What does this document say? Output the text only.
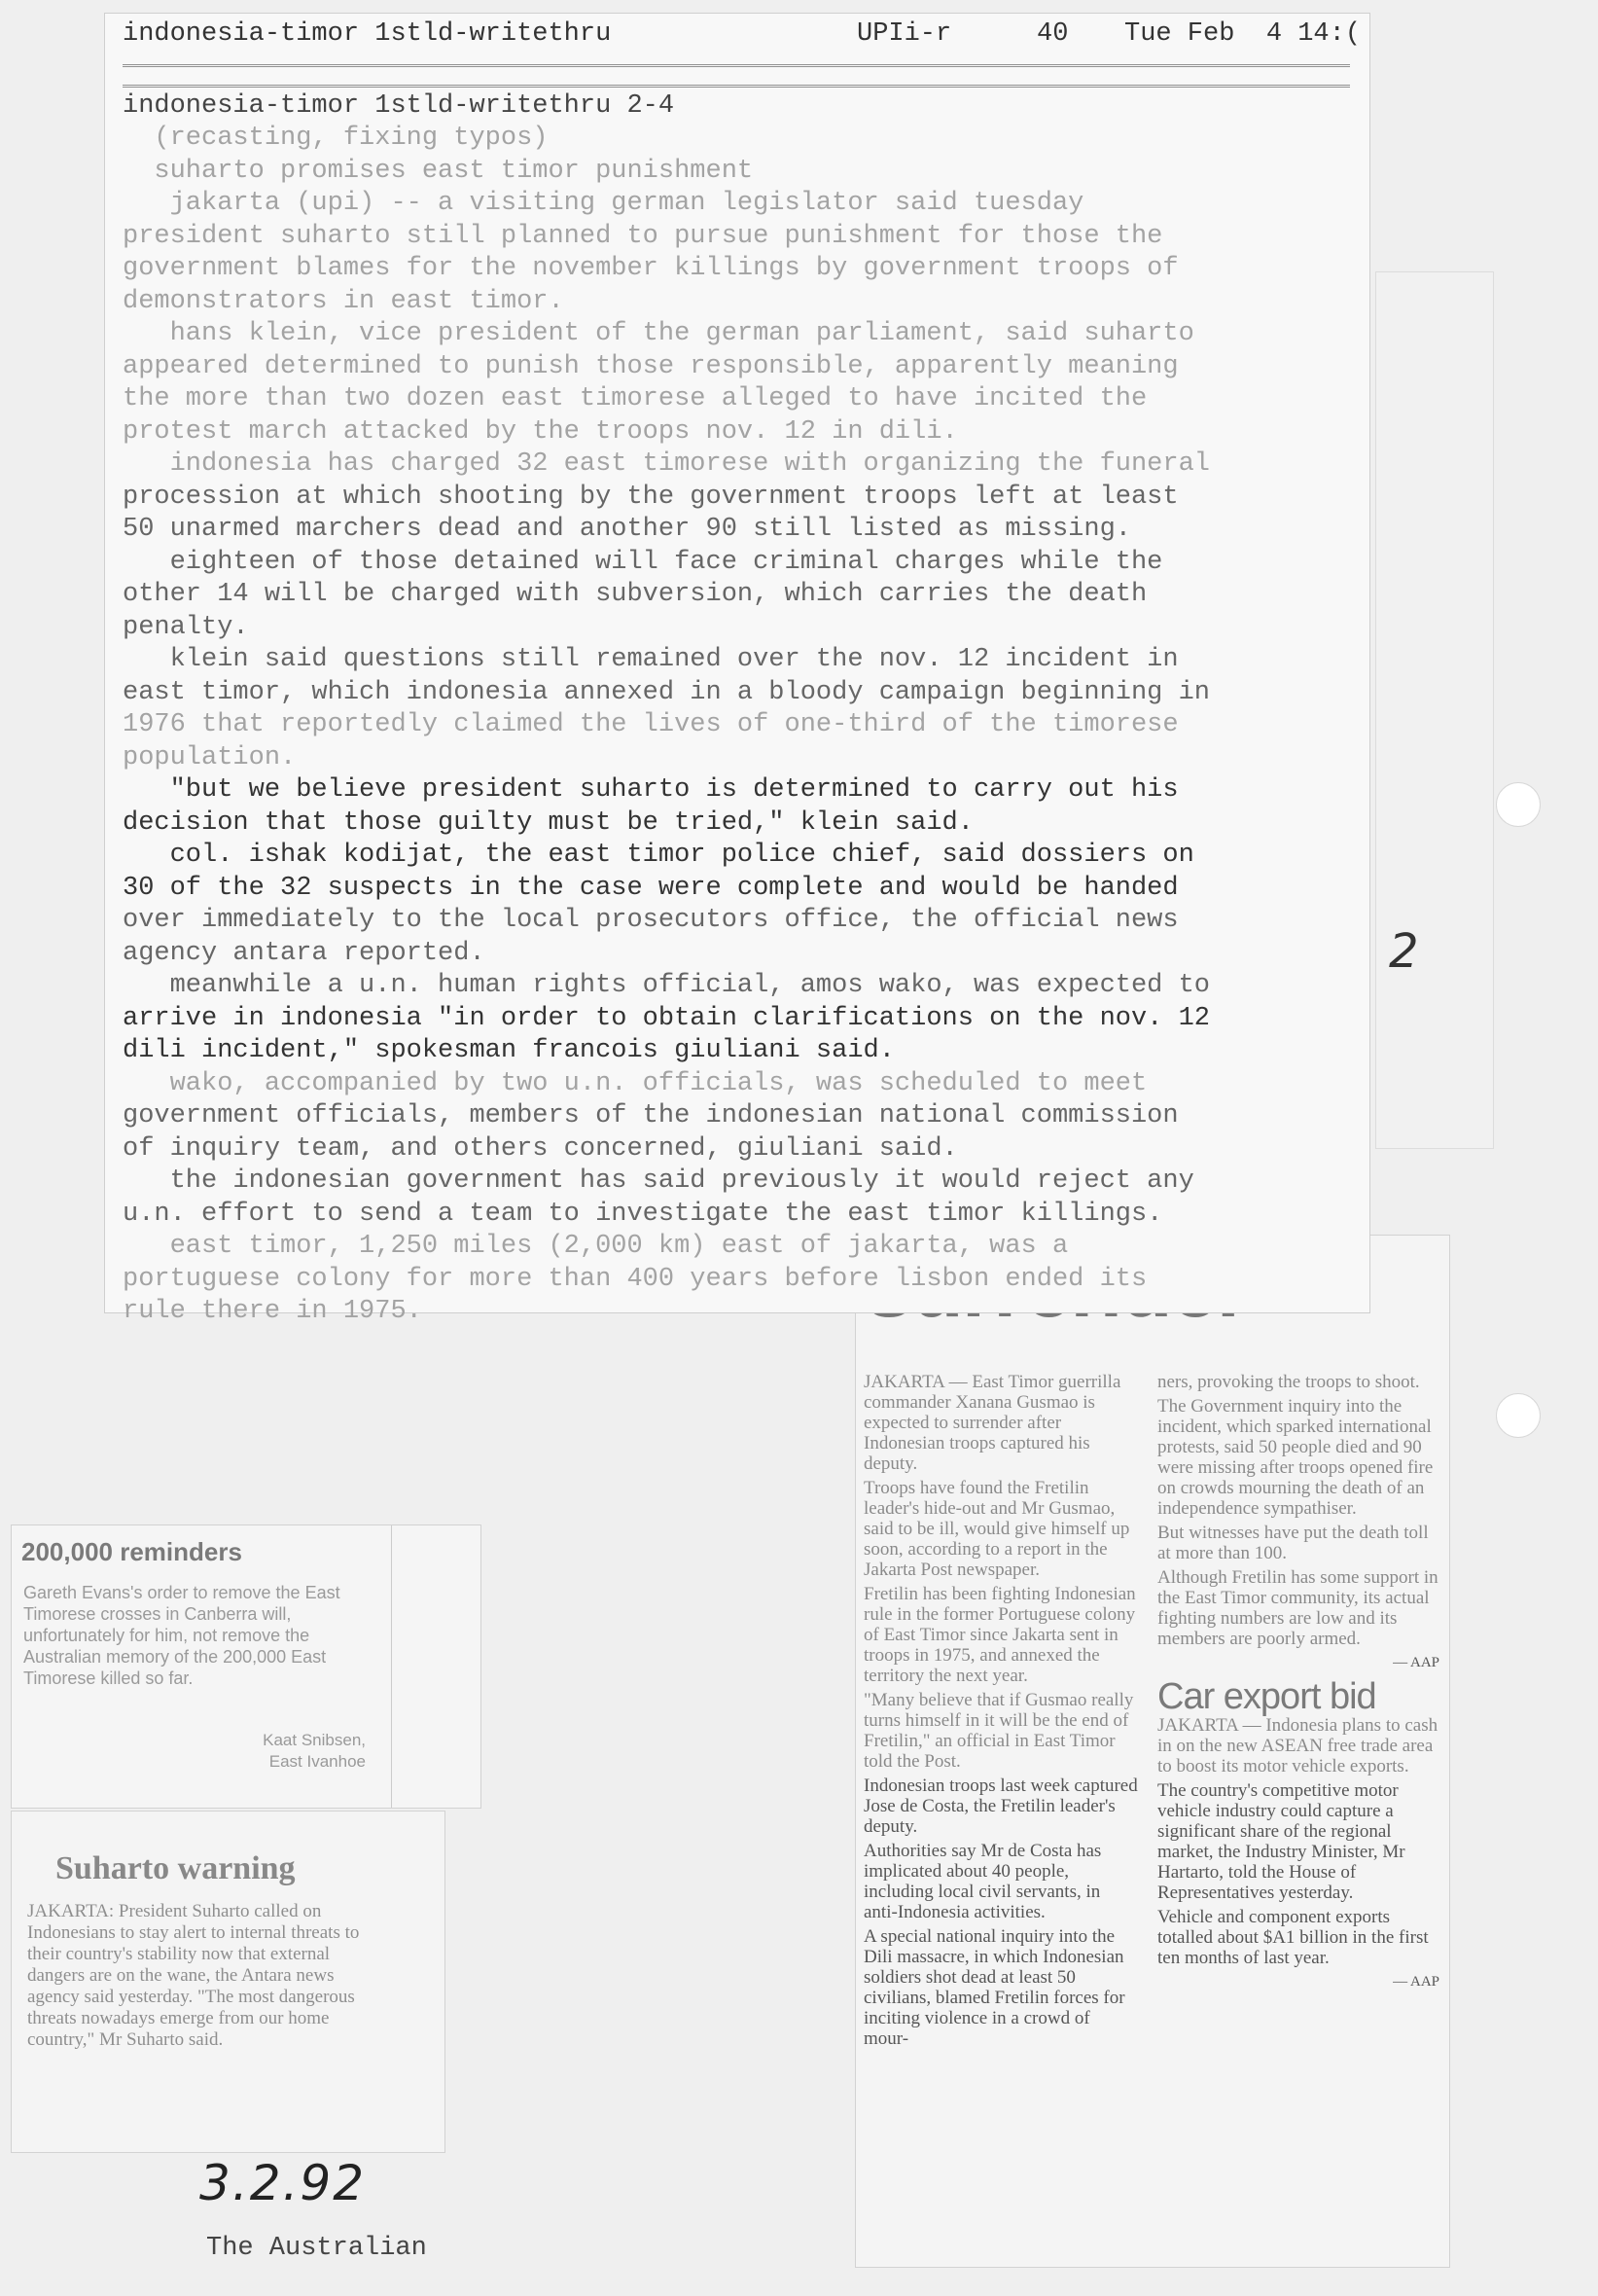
JAKARTA — East Timor guerrilla commander Xanana Gusmao is expected to surrender after Indonesian troops captured his deputy.

Troops have found the Fretilin leader's hide-out and Mr Gusmao, said to be ill, would give himself up soon, according to a report in the Jakarta Post newspaper.

Fretilin has been fighting Indonesian rule in the former Portuguese colony of East Timor since Jakarta sent in troops in 1975, and annexed the territory the next year.

"Many believe that if Gusmao really turns himself in it will be the end of Fretilin," an official in East Timor told the Post.

Indonesian troops last week captured Jose de Costa, the Fretilin leader's deputy.

Authorities say Mr de Costa has implicated about 40 people, including local civil servants, in anti-Indonesia activities.

A special national inquiry into the Dili massacre, in which Indonesian soldiers shot dead at least 50 civilians, blamed Fretilin forces for inciting violence in a crowd of mour-

ners, provoking the troops to shoot.

The Government inquiry into the incident, which sparked international protests, said 50 people died and 90 were missing after troops opened fire on crowds mourning the death of an independence sympathiser.

But witnesses have put the death toll at more than 100.

Although Fretilin has some support in the East Timor community, its actual fighting numbers are low and its members are poorly armed.

— AAP

Car export bid

JAKARTA — Indonesia plans to cash in on the new ASEAN free trade area to boost its motor vehicle exports.

The country's competitive motor vehicle industry could capture a significant share of the regional market, the Industry Minister, Mr Hartarto, told the House of Representatives yesterday.

Vehicle and component exports totalled about $A1 billion in the first ten months of last year.

— AAP

indonesia-timor 1stld-writethru	UPIi-r	40 Tue Feb  4 14:(
indonesia-timor 1stld-writethru 2-4
(recasting, fixing typos)
suharto promises east timor punishment
jakarta (upi) -- a visiting german legislator said tuesday
president suharto still planned to pursue punishment for those the
government blames for the november killings by government troops of
demonstrators in east timor.
hans klein, vice president of the german parliament, said suharto
appeared determined to punish those responsible, apparently meaning
the more than two dozen east timorese alleged to have incited the
protest march attacked by the troops nov. 12 in dili.
indonesia has charged 32 east timorese with organizing the funeral
procession at which shooting by the government troops left at least
50 unarmed marchers dead and another 90 still listed as missing.
eighteen of those detained will face criminal charges while the
other 14 will be charged with subversion, which carries the death
penalty.
klein said questions still remained over the nov. 12 incident in
east timor, which indonesia annexed in a bloody campaign beginning in
1976 that reportedly claimed the lives of one-third of the timorese
population.
"but we believe president suharto is determined to carry out his
decision that those guilty must be tried," klein said.
col. ishak kodijat, the east timor police chief, said dossiers on
30 of the 32 suspects in the case were complete and would be handed
over immediately to the local prosecutors office, the official news
agency antara reported.
meanwhile a u.n. human rights official, amos wako, was expected to
arrive in indonesia "in order to obtain clarifications on the nov. 12
dili incident," spokesman francois giuliani said.
wako, accompanied by two u.n. officials, was scheduled to meet
government officials, members of the indonesian national commission
of inquiry team, and others concerned, giuliani said.
the indonesian government has said previously it would reject any
u.n. effort to send a team to investigate the east timor killings.
east timor, 1,250 miles (2,000 km) east of jakarta, was a
portuguese colony for more than 400 years before lisbon ended its
rule there in 1975.
200,000 reminders
Gareth Evans's order to remove the East Timorese crosses in Canberra will, unfortunately for him, not remove the Australian memory of the 200,000 East Timorese killed so far.
Kaat Snibsen,
East Ivanhoe
Suharto warning
JAKARTA: President Suharto called on Indonesians to stay alert to internal threats to their country's stability now that external dangers are on the wane, the Antara news agency said yesterday. "The most dangerous threats nowadays emerge from our home country," Mr Suharto said.
2
3.2.92
The Australian
